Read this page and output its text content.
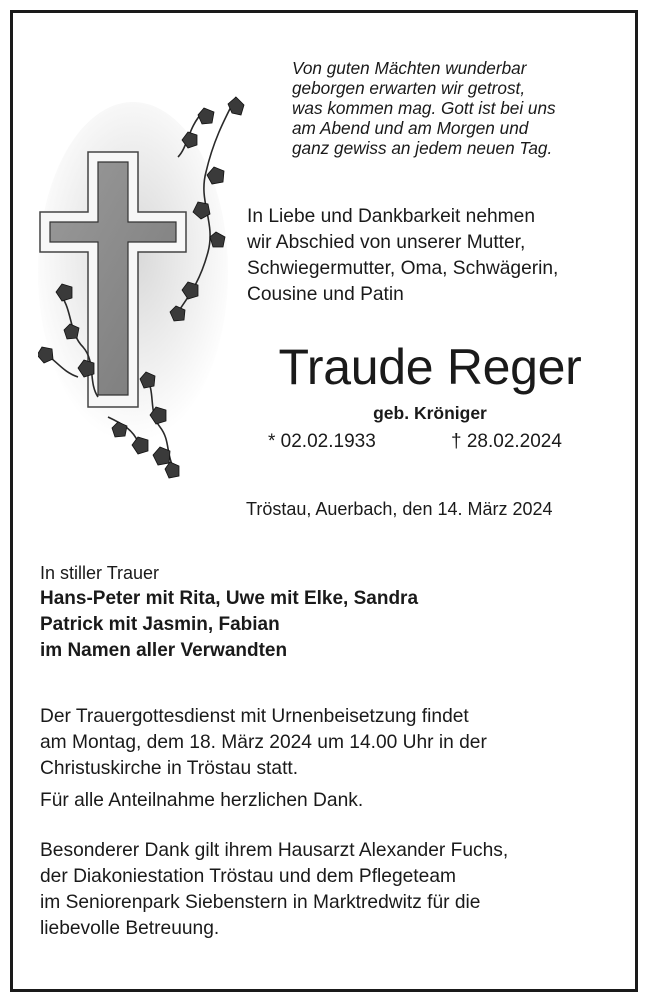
Von guten Mächten wunderbar
geborgen erwarten wir getrost,
was kommen mag. Gott ist bei uns
am Abend und am Morgen und
ganz gewiss an jedem neuen Tag.
In Liebe und Dankbarkeit nehmen
wir Abschied von unserer Mutter,
Schwiegermutter, Oma, Schwägerin,
Cousine und Patin
Traude Reger
geb. Kröniger
* 02.02.1933	† 28.02.2024
Tröstau, Auerbach, den 14. März 2024
In stiller Trauer
Hans-Peter mit Rita, Uwe mit Elke, Sandra
Patrick mit Jasmin, Fabian
im Namen aller Verwandten
Der Trauergottesdienst mit Urnenbeisetzung findet
am Montag, dem 18. März 2024 um 14.00 Uhr in der
Christuskirche in Tröstau statt.
Für alle Anteilnahme herzlichen Dank.
Besonderer Dank gilt ihrem Hausarzt Alexander Fuchs,
der Diakoniestation Tröstau und dem Pflegeteam
im Seniorenpark Siebenstern in Marktredwitz für die
liebevolle Betreuung.
